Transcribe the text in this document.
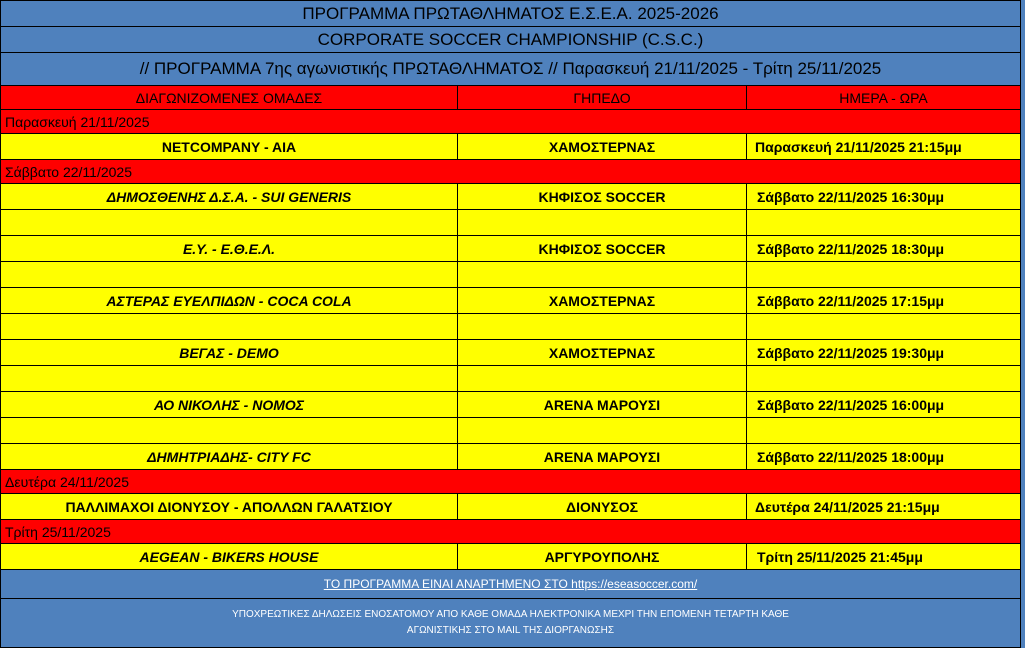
ΠΡΟΓΡΑΜΜΑ ΠΡΩΤΑΘΛΗΜΑΤΟΣ Ε.Σ.Ε.Α. 2025-2026
CORPORATE SOCCER CHAMPIONSHIP (C.S.C.)
// ΠΡΟΓΡΑΜΜΑ 7ης αγωνιστικής ΠΡΩΤΑΘΛΗΜΑΤΟΣ // Παρασκευή 21/11/2025 - Τρίτη 25/11/2025
ΔΙΑΓΩΝΙΖΟΜΕΝΕΣ ΟΜΑΔΕΣ	ΓΗΠΕΔΟ	ΗΜΕΡΑ - ΩΡΑ
Παρασκευή 21/11/2025
NETCOMPANY - AIA	ΧΑΜΟΣΤΕΡΝΑΣ	Παρασκευή 21/11/2025 21:15μμ
Σάββατο 22/11/2025
ΔΗΜΟΣΘΕΝΗΣ Δ.Σ.Α. - SUI GENERIS	ΚΗΦΙΣΟΣ SOCCER	Σάββατο 22/11/2025 16:30μμ
Ε.Υ. - Ε.Θ.Ε.Λ.	ΚΗΦΙΣΟΣ SOCCER	Σάββατο 22/11/2025 18:30μμ
ΑΣΤΕΡΑΣ ΕΥΕΛΠΙΔΩΝ - COCA COLA	ΧΑΜΟΣΤΕΡΝΑΣ	Σάββατο 22/11/2025 17:15μμ
ΒΕΓΑΣ - DEMO	ΧΑΜΟΣΤΕΡΝΑΣ	Σάββατο 22/11/2025 19:30μμ
ΑΟ ΝΙΚΟΛΗΣ - ΝΟΜΟΣ	ARENA ΜΑΡΟΥΣΙ	Σάββατο 22/11/2025 16:00μμ
ΔΗΜΗΤΡΙΑΔΗΣ- CITY FC	ARENA ΜΑΡΟΥΣΙ	Σάββατο 22/11/2025 18:00μμ
Δευτέρα 24/11/2025
ΠΑΛΛΙΜΑΧΟΙ ΔΙΟΝΥΣΟΥ - ΑΠΟΛΛΩΝ ΓΑΛΑΤΣΙΟΥ	ΔΙΟΝΥΣΟΣ	Δευτέρα 24/11/2025 21:15μμ
Τρίτη 25/11/2025
AEGEAN - BIKERS HOUSE	ΑΡΓΥΡΟΥΠΟΛΗΣ	Τρίτη 25/11/2025 21:45μμ
ΤΟ ΠΡΟΓΡΑΜΜΑ ΕΙΝΑΙ ΑΝΑΡΤΗΜΕΝΟ ΣΤΟ https://eseasoccer.com/
ΥΠΟΧΡΕΩΤΙΚΕΣ ΔΗΛΩΣΕΙΣ ΕΝΟΣΑΤΟΜΟΥ ΑΠΟ ΚΑΘΕ ΟΜΑΔΑ ΗΛΕΚΤΡΟΝΙΚΑ ΜΕΧΡΙ ΤΗΝ ΕΠΟΜΕΝΗ ΤΕΤΑΡΤΗ ΚΑΘΕ
ΑΓΩΝΙΣΤΙΚΗΣ ΣΤΟ MAIL ΤΗΣ ΔΙΟΡΓΑΝΩΣΗΣ
